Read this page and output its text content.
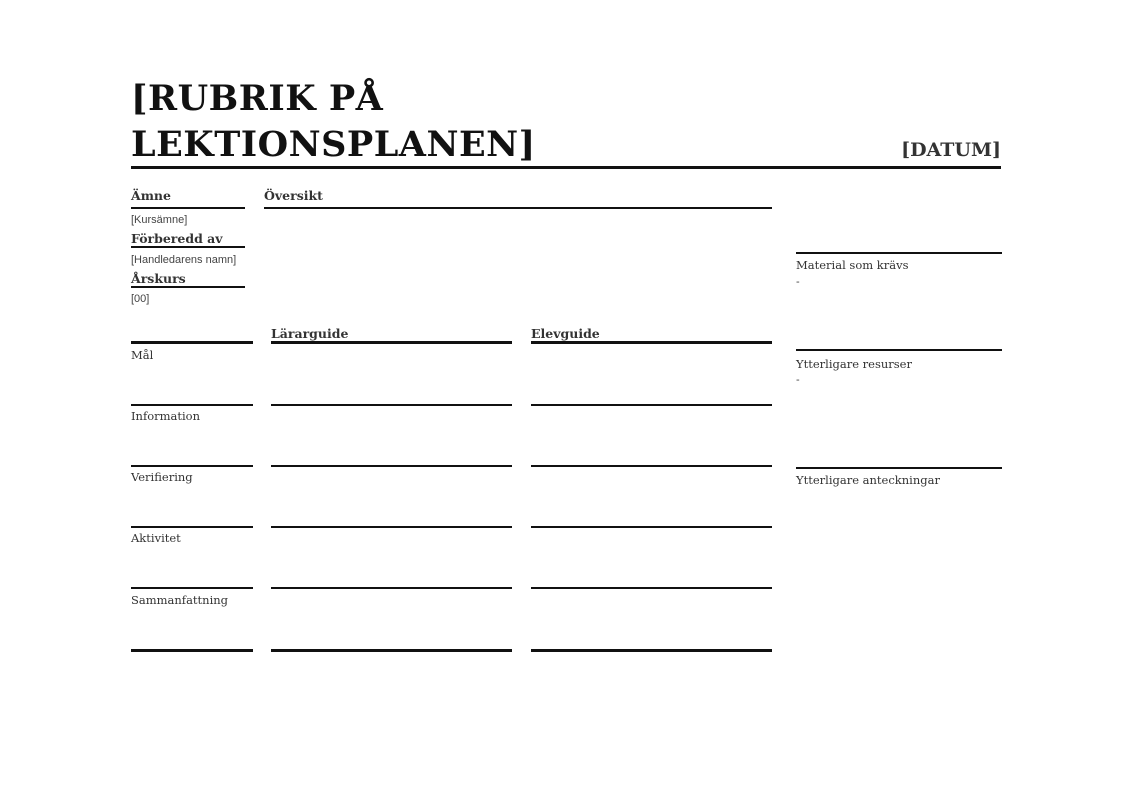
[RUBRIK PÅ LEKTIONSPLANEN]	[DATUM]
Ämne
[Kursämne]
Förberedd av
[Handledarens namn]
Årskurs
[00]
Översikt
Lärarguide	Elevguide
Mål
Information
Verifiering
Aktivitet
Sammanfattning
Material som krävs
-
Ytterligare resurser
-
Ytterligare anteckningar
